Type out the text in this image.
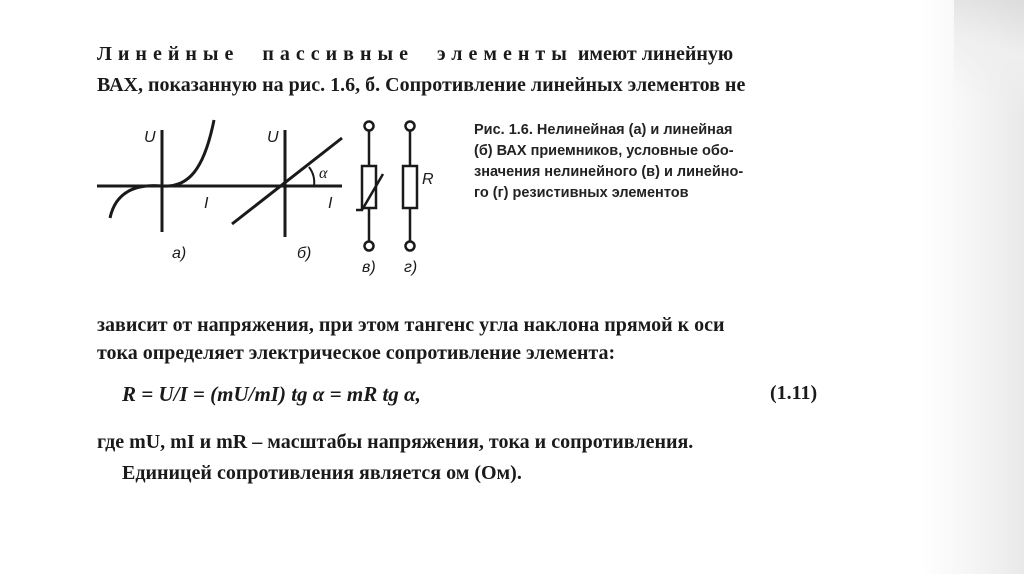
Линейные пассивные элементы имеют линейную
ВАХ, показанную на рис. 1.6, б. Сопротивление линейных элементов не
U
I
а)
U
α
I
б)
в)
R
г)
Рис. 1.6. Нелинейная (а) и линейная
(б) ВАХ приемников, условные обо-
значения нелинейного (в) и линейно-
го (г) резистивных элементов
зависит от напряжения, при этом тангенс угла наклона прямой к оси
тока определяет электрическое сопротивление элемента:
R = U/I = (mU/mI) tg α = mR tg α,	(1.11)
где mU, mI и mR – масштабы напряжения, тока и сопротивления.
Единицей сопротивления является ом (Ом).
